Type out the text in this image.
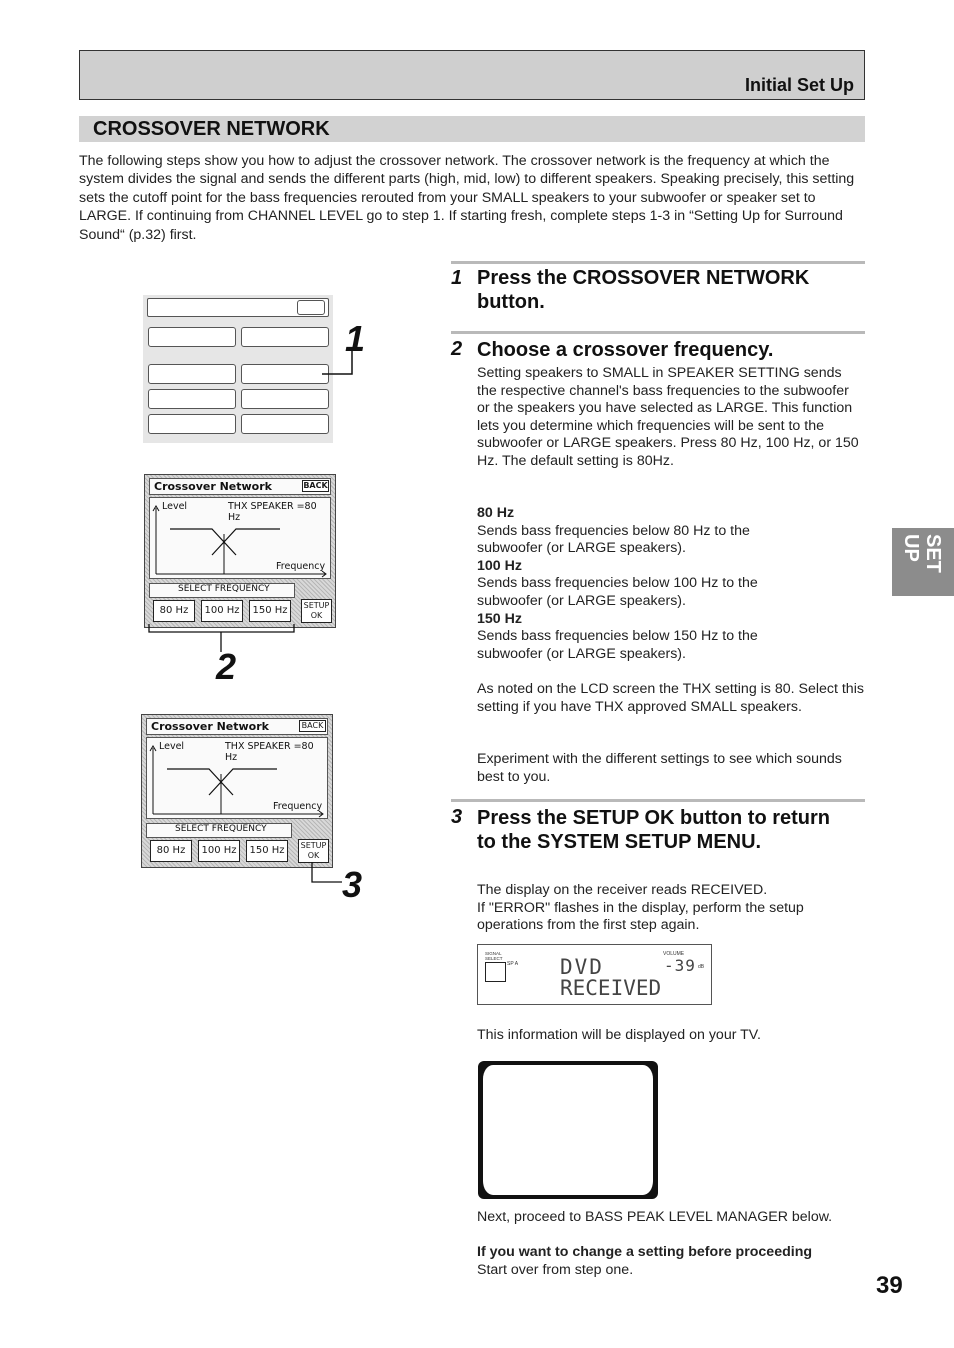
Initial Set Up
CROSSOVER NETWORK
The following steps show you how to adjust the crossover network. The crossover network is the frequency at which the system divides the signal and sends the different parts (high, mid, low) to different speakers. Speaking precisely, this setting sets the cutoff point for the bass frequencies rerouted from your SMALL speakers to your subwoofer or speaker set to LARGE. If continuing from CHANNEL LEVEL go to step 1. If starting fresh, complete steps 1-3 in “Setting Up for Surround Sound“ (p.32) first.
1
Crossover Network	BACK
Level	THX SPEAKER =80 Hz
Frequency
SELECT FREQUENCY
80 Hz	100 Hz	150 Hz	SETUP
OK
2
Crossover Network	BACK
Level	THX SPEAKER =80 Hz
Frequency
SELECT FREQUENCY
80 Hz	100 Hz	150 Hz	SETUP
OK
3
1 Press the CROSSOVER NETWORK button.
2 Choose a crossover frequency.
Setting speakers to SMALL in SPEAKER SETTING sends the respective channel's bass frequencies to the subwoofer or the speakers you have selected as LARGE. This function lets you determine which frequencies will be sent to the subwoofer or LARGE speakers. Press 80 Hz, 100 Hz, or 150 Hz. The default setting is 80Hz.
80 Hz
Sends bass frequencies below 80 Hz to the subwoofer (or LARGE speakers).
100 Hz
Sends bass frequencies below 100 Hz to the subwoofer (or LARGE speakers).
150 Hz
Sends bass frequencies below 150 Hz to the subwoofer (or LARGE speakers).
As noted on the LCD screen the THX setting is 80. Select this setting if you have THX approved SMALL speakers.
Experiment with the different settings to see which sounds best to you.
3 Press the SETUP OK button to return to the SYSTEM SETUP MENU.
The display on the receiver reads RECEIVED.
If "ERROR" flashes in the display, perform the setup operations from the first step again.
SIGNAL SELECT
SP A
VOLUME
-39 dB
DVD
RECEIVED
This information will be displayed on your TV.
Next, proceed to BASS PEAK LEVEL MANAGER below.
If you want to change a setting before proceeding
Start over from step one.
SET
UP
39
